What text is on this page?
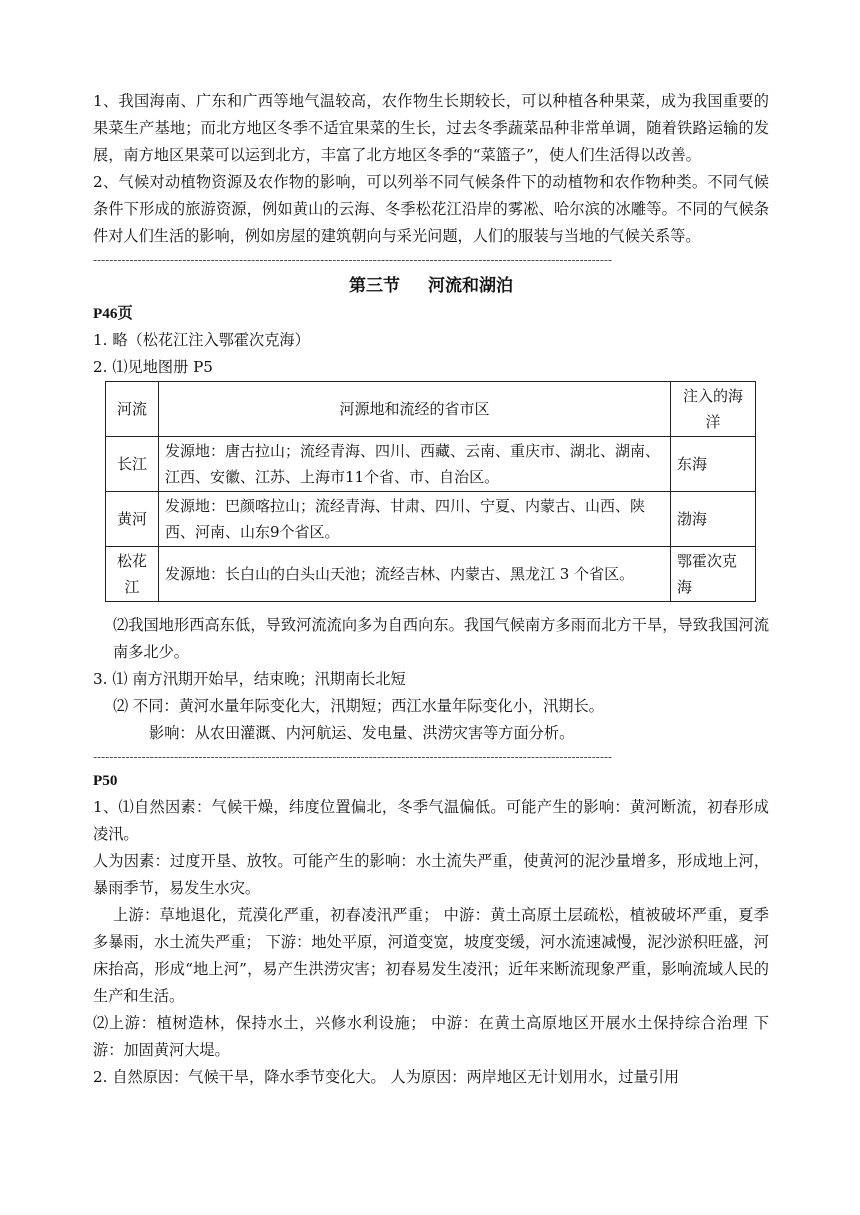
1、我国海南、广东和广西等地气温较高，农作物生长期较长，可以种植各种果菜，成为我国重要的果菜生产基地；而北方地区冬季不适宜果菜的生长，过去冬季蔬菜品种非常单调，随着铁路运输的发展，南方地区果菜可以运到北方，丰富了北方地区冬季的“菜篮子”，使人们生活得以改善。

2、气候对动植物资源及农作物的影响，可以列举不同气候条件下的动植物和农作物种类。不同气候条件下形成的旅游资源，例如黄山的云海、冬季松花江沿岸的雾凇、哈尔滨的冰雕等。不同的气候条件对人们生活的影响，例如房屋的建筑朝向与采光问题，人们的服装与当地的气候关系等。

--------------------------------------------------------------------------------------------------------------------------------
第三节 河流和湖泊

P46页

1. 略（松花江注入鄂霍次克海）

2. ⑴见地图册 P5

河流	河源地和流经的省市区	注入的海洋
长江	发源地：唐古拉山；流经青海、四川、西藏、云南、重庆市、湖北、湖南、江西、安徽、江苏、上海市11个省、市、自治区。	东海
黄河	发源地：巴颜喀拉山；流经青海、甘肃、四川、宁夏、内蒙古、山西、陕西、河南、山东9个省区。	渤海
松花江	发源地：长白山的白头山天池；流经吉林、内蒙古、黑龙江 3 个省区。	鄂霍次克海

⑵我国地形西高东低，导致河流流向多为自西向东。我国气候南方多雨而北方干旱，导致我国河流南多北少。

3. ⑴ 南方汛期开始早，结束晚；汛期南长北短

⑵ 不同：黄河水量年际变化大，汛期短；西江水量年际变化小，汛期长。

影响：从农田灌溉、内河航运、发电量、洪涝灾害等方面分析。

--------------------------------------------------------------------------------------------------------------------------------

P50

1、⑴自然因素：气候干燥，纬度位置偏北，冬季气温偏低。可能产生的影响：黄河断流，初春形成凌汛。

人为因素：过度开垦、放牧。可能产生的影响：水土流失严重，使黄河的泥沙量增多，形成地上河，暴雨季节，易发生水灾。

上游：草地退化，荒漠化严重，初春凌汛严重； 中游：黄土高原土层疏松，植被破坏严重，夏季多暴雨，水土流失严重； 下游：地处平原，河道变宽，坡度变缓，河水流速减慢，泥沙淤积旺盛，河床抬高，形成“地上河”，易产生洪涝灾害；初春易发生凌汛；近年来断流现象严重，影响流域人民的生产和生活。

⑵上游：植树造林，保持水土，兴修水利设施； 中游：在黄土高原地区开展水土保持综合治理 下游：加固黄河大堤。

2. 自然原因：气候干旱，降水季节变化大。 人为原因：两岸地区无计划用水，过量引用
